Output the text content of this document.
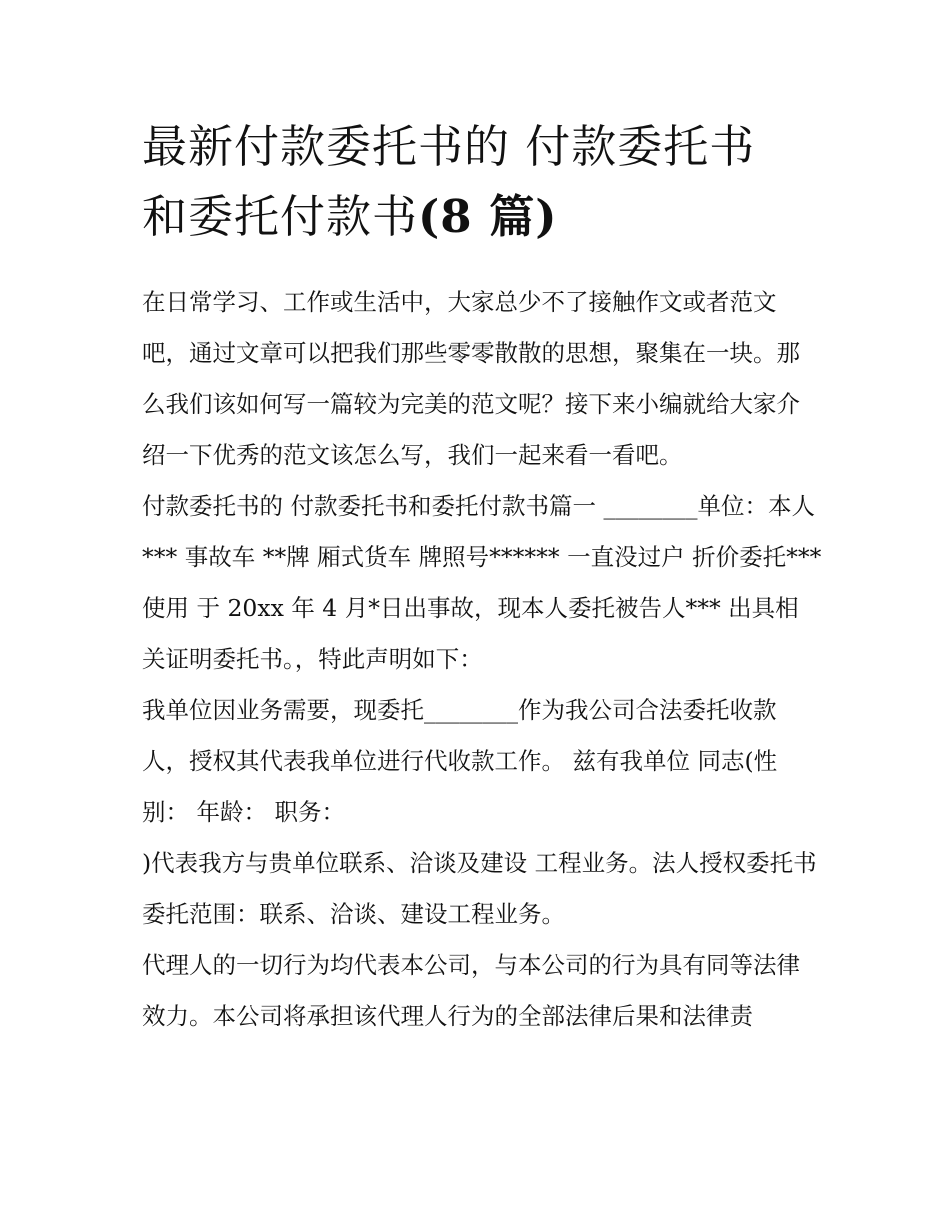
最新付款委托书的 付款委托书
和委托付款书(8 篇)

在日常学习、工作或生活中，大家总少不了接触作文或者范文吧，通过文章可以把我们那些零零散散的思想，聚集在一块。那么我们该如何写一篇较为完美的范文呢？接下来小编就给大家介绍一下优秀的范文该怎么写，我们一起来看一看吧。

付款委托书的 付款委托书和委托付款书篇一 ________单位：本人*** 事故车 **牌 厢式货车 牌照号****** 一直没过户 折价委托***

使用 于 20xx 年 4 月*日出事故，现本人委托被告人*** 出具相关证明委托书。，特此声明如下：

我单位因业务需要，现委托________作为我公司合法委托收款人，授权其代表我单位进行代收款工作。 兹有我单位 同志(性别： 年龄： 职务：

)代表我方与贵单位联系、洽谈及建设 工程业务。法人授权委托书委托范围：联系、洽谈、建设工程业务。

代理人的一切行为均代表本公司，与本公司的行为具有同等法律效力。本公司将承担该代理人行为的全部法律后果和法律责
